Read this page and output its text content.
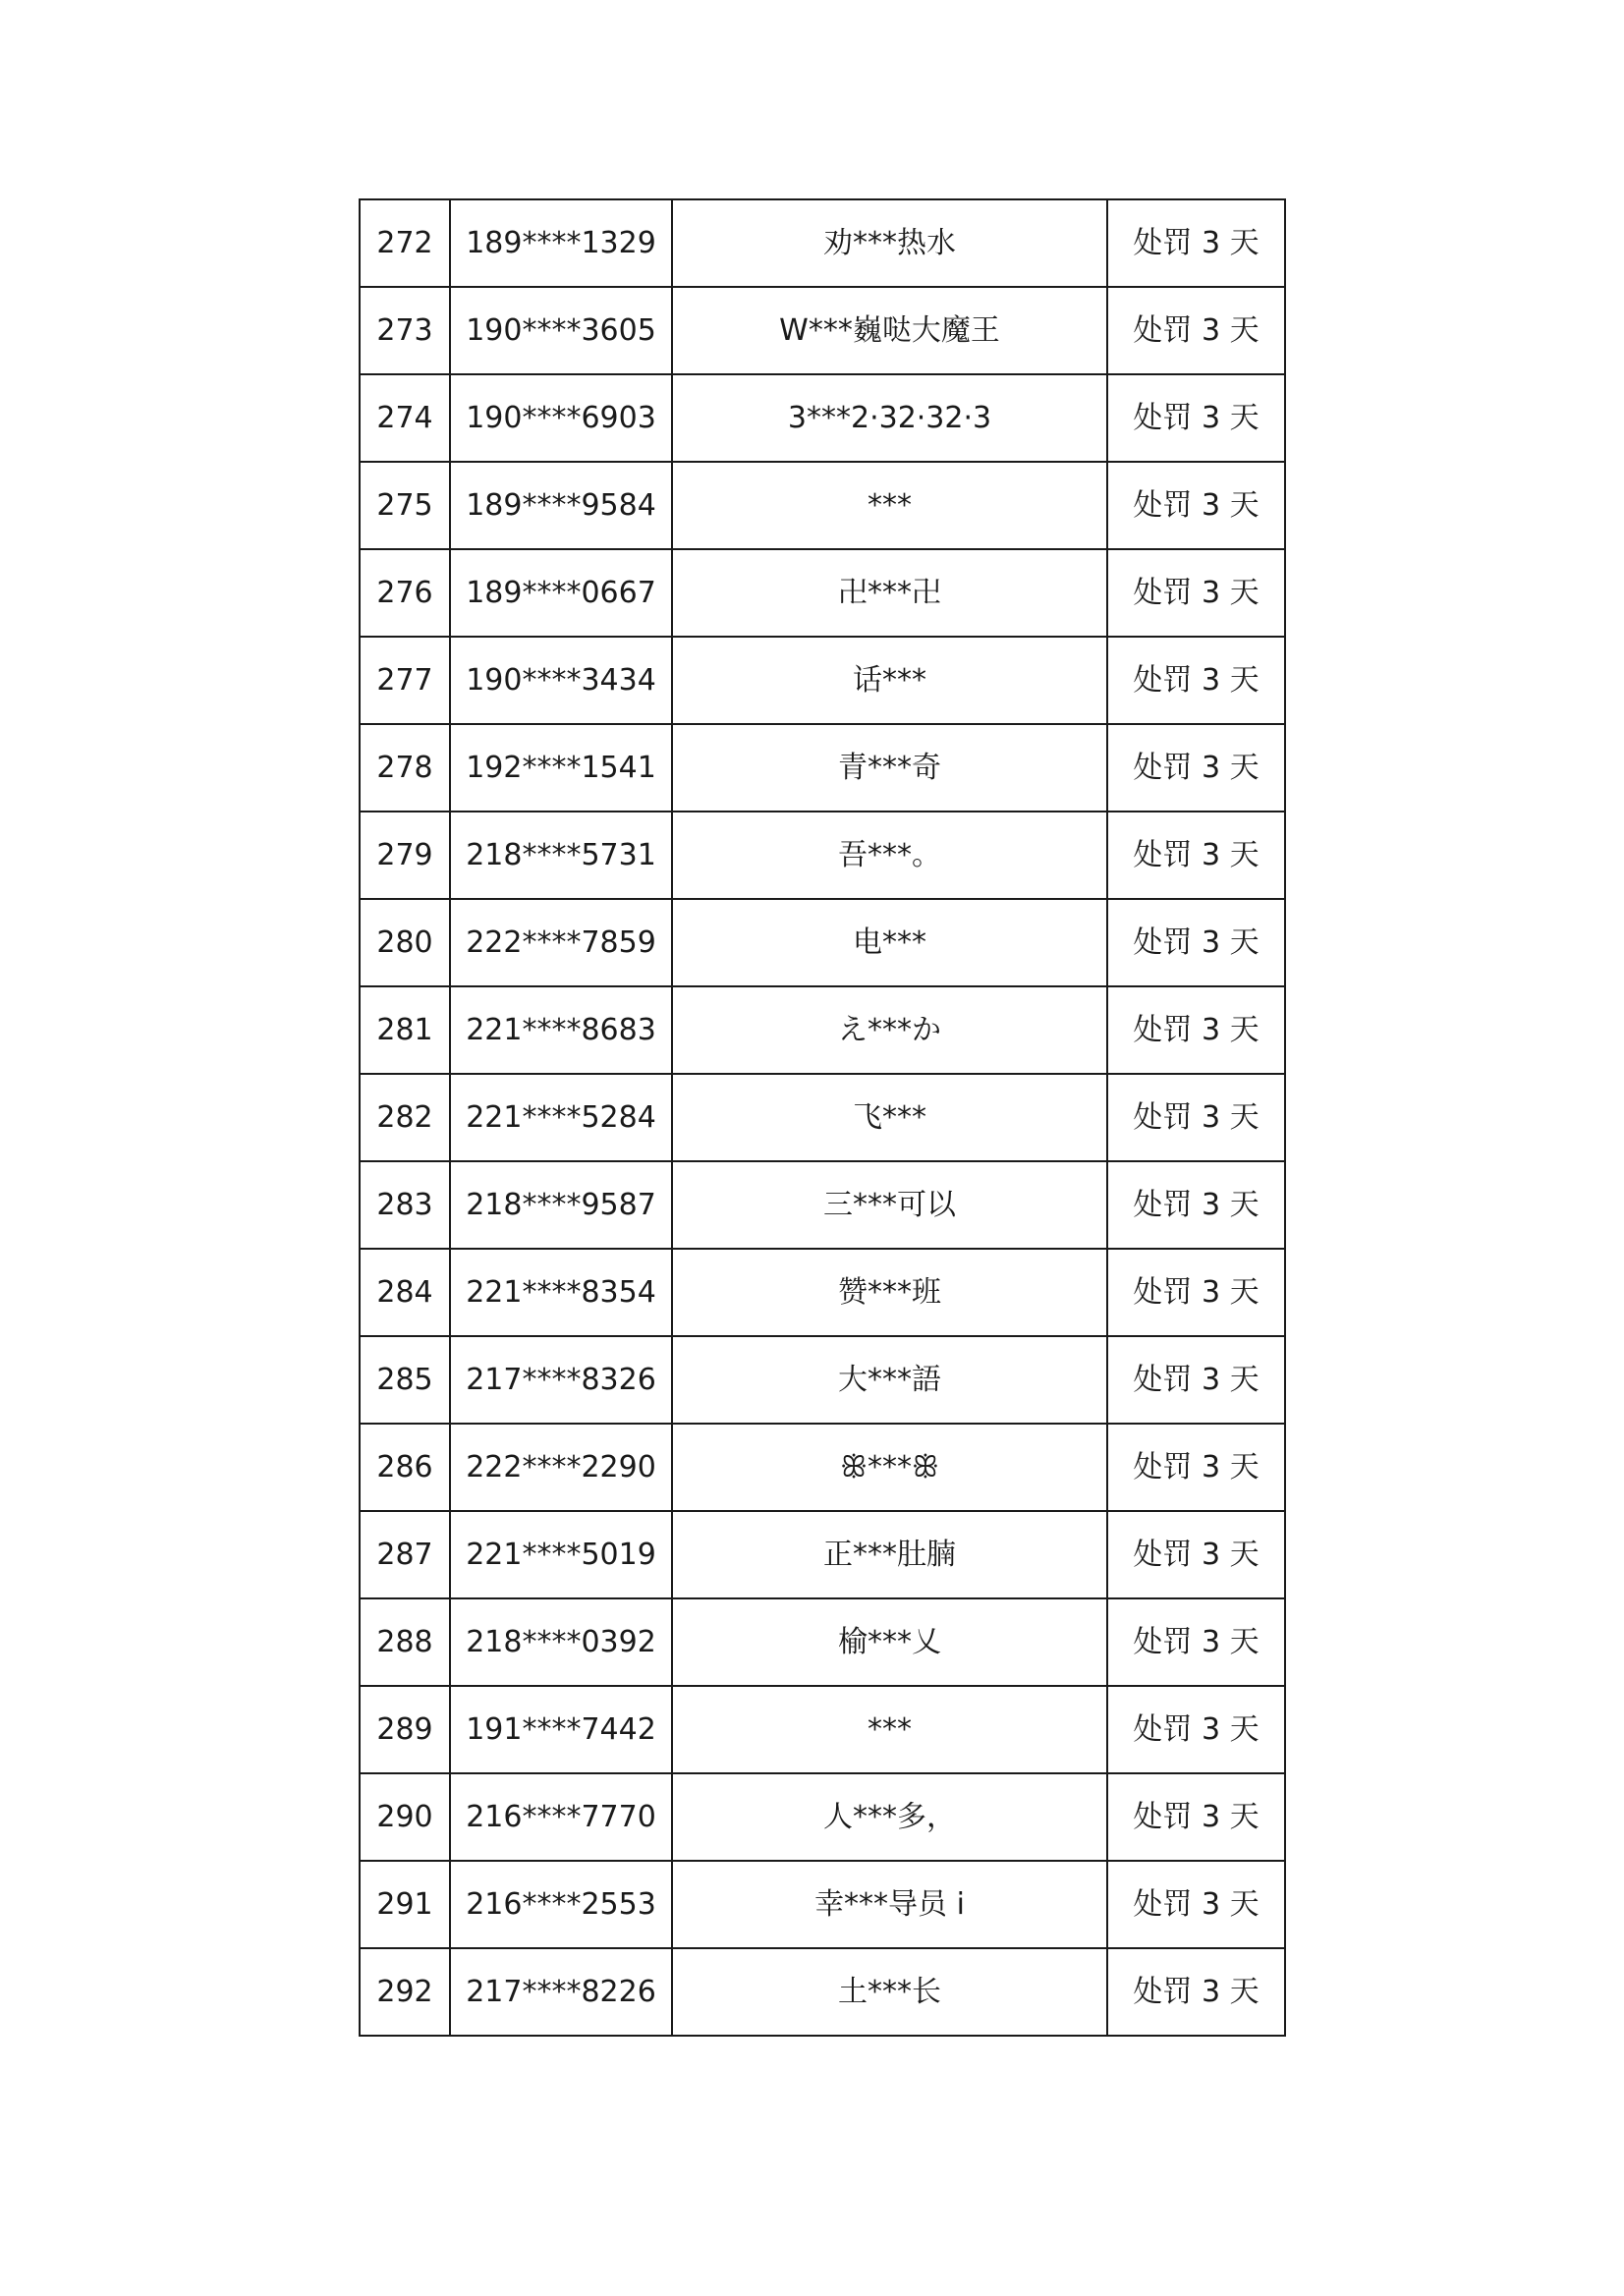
272	189****1329	劝***热水	处罚 3 天
273	190****3605	W***巍哒大魔王	处罚 3 天
274	190****6903	3***2·32·32·3	处罚 3 天
275	189****9584	***	处罚 3 天
276	189****0667	卍***卍	处罚 3 天
277	190****3434	话***	处罚 3 天
278	192****1541	青***奇	处罚 3 天
279	218****5731	吾***。	处罚 3 天
280	222****7859	电***	处罚 3 天
281	221****8683	え***か	处罚 3 天
282	221****5284	飞***	处罚 3 天
283	218****9587	三***可以	处罚 3 天
284	221****8354	赞***班	处罚 3 天
285	217****8326	大***語	处罚 3 天
286	222****2290	ꕥ***ꕥ	处罚 3 天
287	221****5019	正***肚腩	处罚 3 天
288	218****0392	榆***乂	处罚 3 天
289	191****7442	***	处罚 3 天
290	216****7770	人***多，	处罚 3 天
291	216****2553	幸***导员 i	处罚 3 天
292	217****8226	土***长	处罚 3 天
